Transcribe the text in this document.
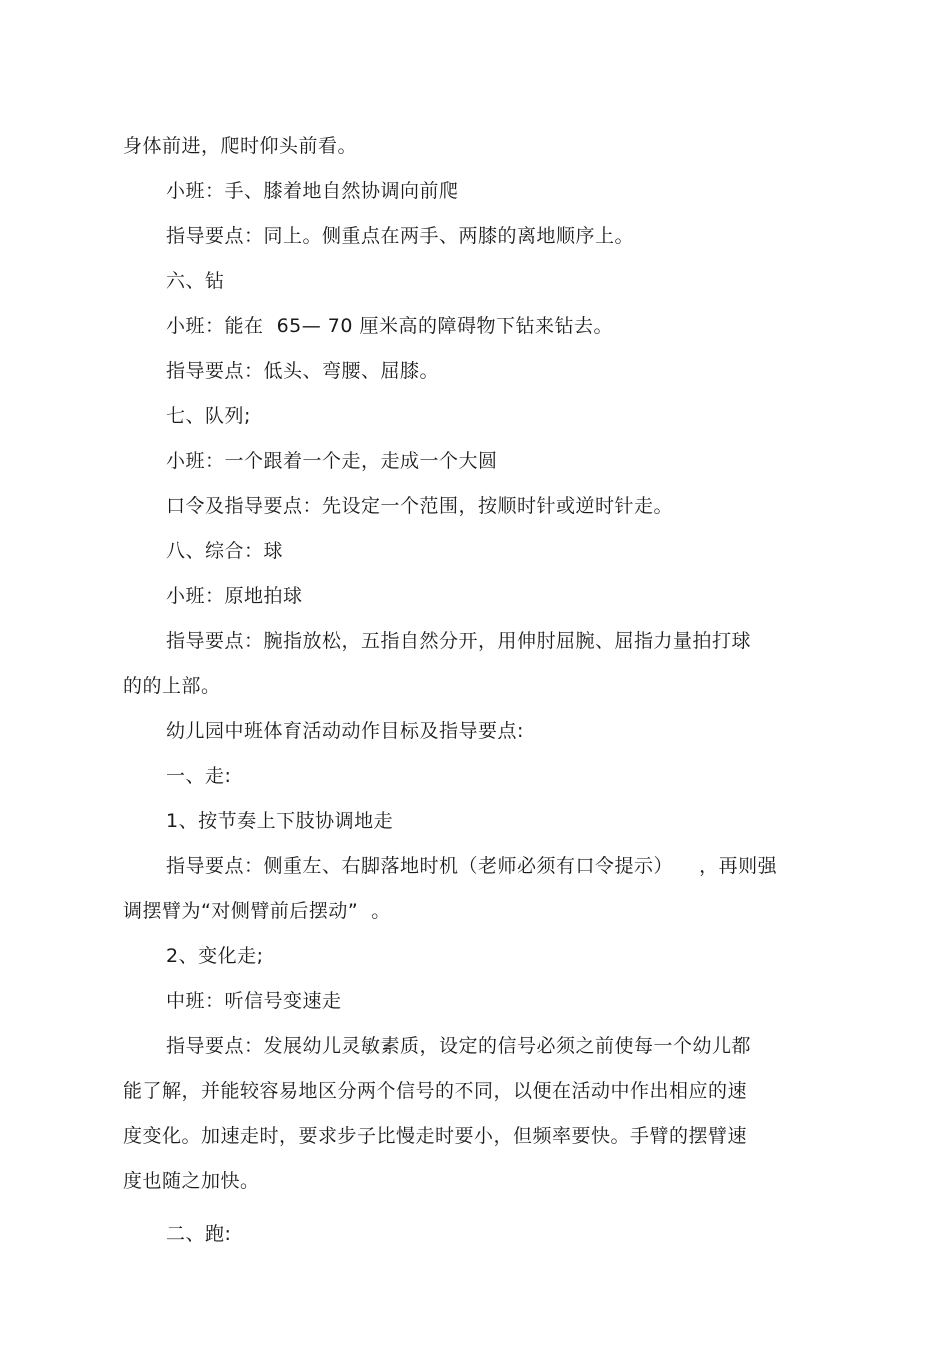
身体前进，爬时仰头前看。
小班：手、膝着地自然协调向前爬
指导要点：同上。侧重点在两手、两膝的离地顺序上。
六、钻
小班：能在  65— 70 厘米高的障碍物下钻来钻去。
指导要点：低头、弯腰、屈膝。
七、队列;
小班：一个跟着一个走，走成一个大圆
口令及指导要点：先设定一个范围，按顺时针或逆时针走。
八、综合：球
小班：原地拍球
指导要点：腕指放松，五指自然分开，用伸肘屈腕、屈指力量拍打球
的的上部。
幼儿园中班体育活动动作目标及指导要点:
一、走:
1、按节奏上下肢协调地走
指导要点：侧重左、右脚落地时机（老师必须有口令提示）    ，再则强
调摆臂为“对侧臂前后摆动”  。
2、变化走;
中班：听信号变速走
指导要点：发展幼儿灵敏素质，设定的信号必须之前使每一个幼儿都
能了解，并能较容易地区分两个信号的不同，以便在活动中作出相应的速
度变化。加速走时，要求步子比慢走时要小，但频率要快。手臂的摆臂速
度也随之加快。
二、跑:
